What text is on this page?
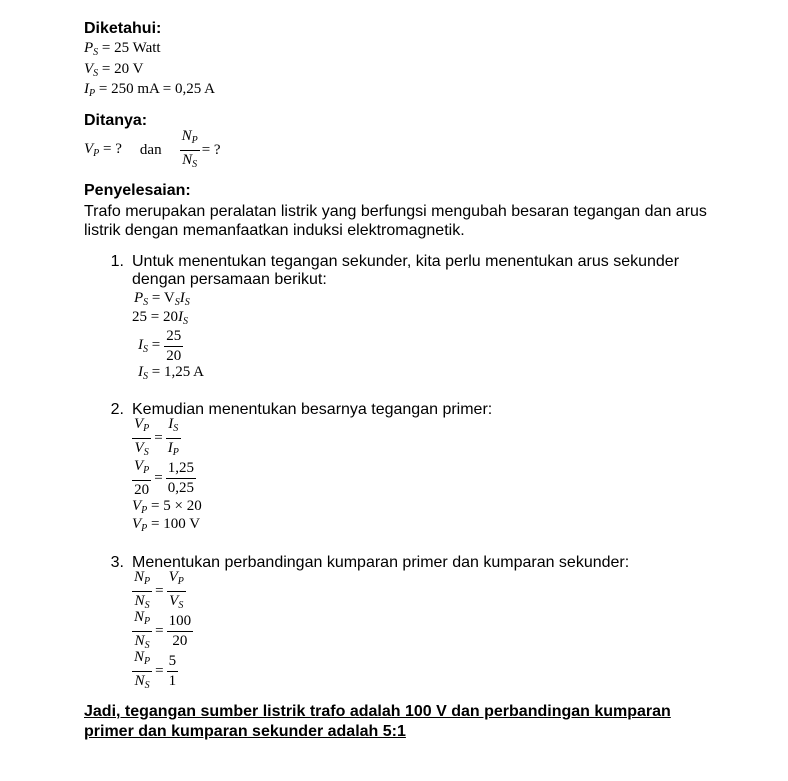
Diketahui:
$P_S = 25$ Watt
$V_S = 20$ V
$I_P = 250$ mA = 0,25 A
Ditanya:
$V_P$ = ? dan $\frac{N_P}{N_S}$ = ?
Penyelesaian:
Trafo merupakan peralatan listrik yang berfungsi mengubah besaran tegangan dan arus
listrik dengan memanfaatkan induksi elektromagnetik.
1. Untuk menentukan tegangan sekunder, kita perlu menentukan arus sekunder
dengan persamaan berikut:
$P_S = V_SI_S$
$25 = 20I_S$
$I_S = \frac{25}{20}$
$I_S = 1,25$ A
2. Kemudian menentukan besarnya tegangan primer:
$\frac{V_P}{V_S} = \frac{I_S}{I_P}$
$\frac{V_P}{20} = \frac{1,25}{0,25}$
$V_P = 5 \times 20$
$V_P = 100$ V
3. Menentukan perbandingan kumparan primer dan kumparan sekunder:
$\frac{N_P}{N_S} = \frac{V_P}{V_S}$
$\frac{N_P}{N_S} = \frac{100}{20}$
$\frac{N_P}{N_S} = \frac{5}{1}$
Jadi, tegangan sumber listrik trafo adalah 100 V dan perbandingan kumparan
primer dan kumparan sekunder adalah 5:1
